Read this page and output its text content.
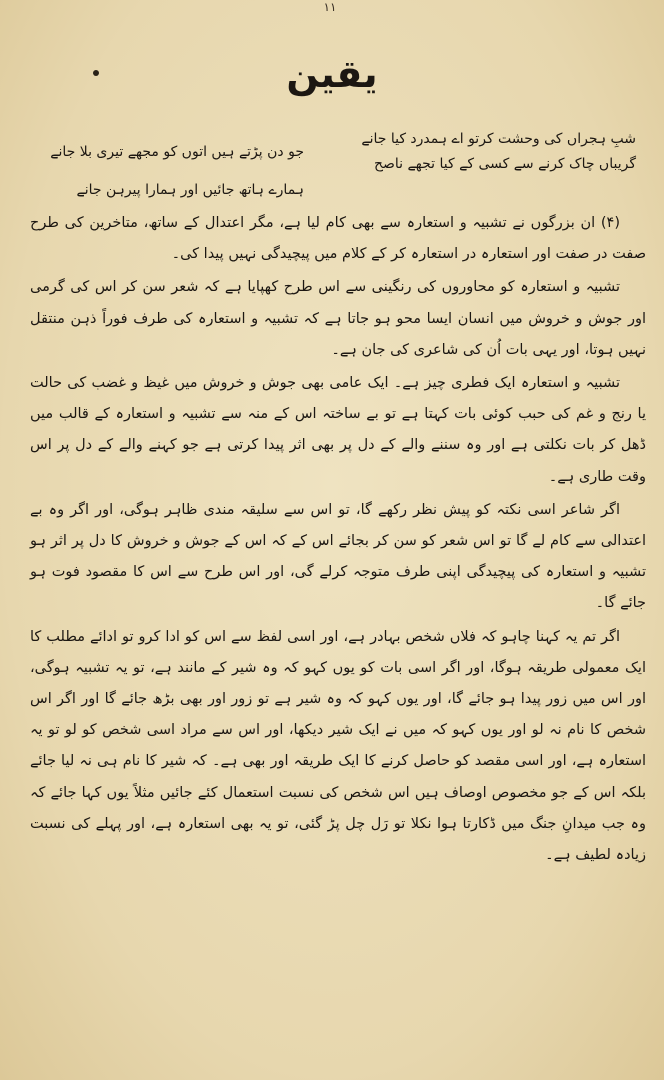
۱۱
یقین
شبِ ہجراں کی وحشت کرتو اے ہمدرد کیا جانے
گریباں چاک کرنے سے کسی کے کیا تجھے ناصح
جو دن پڑتے ہیں اتوں کو مجھے تیری بلا جانے
ہمارے ہاتھ جائیں اور ہمارا پیرہن جانے

(۴) ان بزرگوں نے تشبیہ و استعارہ سے بھی کام لیا ہے، مگر اعتدال کے ساتھ، متاخرین کی طرح صفت در صفت اور استعارہ در استعارہ کر کے کلام میں پیچیدگی نہیں پیدا کی۔

تشبیہ و استعارہ کو محاوروں کی رنگینی سے اس طرح کھپایا ہے کہ شعر سن کر اس کی گرمی اور جوش و خروش میں انسان ایسا محو ہو جاتا ہے کہ تشبیہ و استعارہ کی طرف فوراً ذہن منتقل نہیں ہوتا، اور یہی بات اُن کی شاعری کی جان ہے۔

تشبیہ و استعارہ ایک فطری چیز ہے۔ ایک عامی بھی جوش و خروش میں غیظ و غضب کی حالت یا رنج و غم کی حبب کوئی بات کہتا ہے تو بے ساختہ اس کے منہ سے تشبیہ و استعارہ کے قالب میں ڈھل کر بات نکلتی ہے اور وہ سننے والے کے دل پر بھی اثر پیدا کرتی ہے جو کہنے والے کے دل پر اس وقت طاری ہے۔

اگر شاعر اسی نکتہ کو پیش نظر رکھے گا، تو اس سے سلیقہ مندی ظاہر ہوگی، اور اگر وہ بے اعتدالی سے کام لے گا تو اس شعر کو سن کر بجائے اس کے کہ اس کے جوش و خروش کا دل پر اثر ہو تشبیہ و استعارہ کی پیچیدگی اپنی طرف متوجہ کرلے گی، اور اس طرح سے اس کا مقصود فوت ہو جائے گا۔

اگر تم یہ کہنا چاہو کہ فلاں شخص بہادر ہے، اور اسی لفظ سے اس کو ادا کرو تو ادائے مطلب کا ایک معمولی طریقہ ہوگا، اور اگر اسی بات کو یوں کہو کہ وہ شیر کے مانند ہے، تو یہ تشبیہ ہوگی، اور اس میں زور پیدا ہو جائے گا، اور یوں کہو کہ وہ شیر ہے تو زور اور بھی بڑھ جائے گا اور اگر اس شخص کا نام نہ لو اور یوں کہو کہ میں نے ایک شیر دیکھا، اور اس سے مراد اسی شخص کو لو تو یہ استعارہ ہے، اور اسی مقصد کو حاصل کرنے کا ایک طریقہ اور بھی ہے۔ کہ شیر کا نام ہی نہ لیا جائے بلکہ اس کے جو مخصوص اوصاف ہیں اس شخص کی نسبت استعمال کئے جائیں مثلاً یوں کہا جائے کہ وہ جب میدانِ جنگ میں ڈکارتا ہوا نکلا تو رَل چل پڑ گئی، تو یہ بھی استعارہ ہے، اور پہلے کی نسبت زیادہ لطیف ہے۔
